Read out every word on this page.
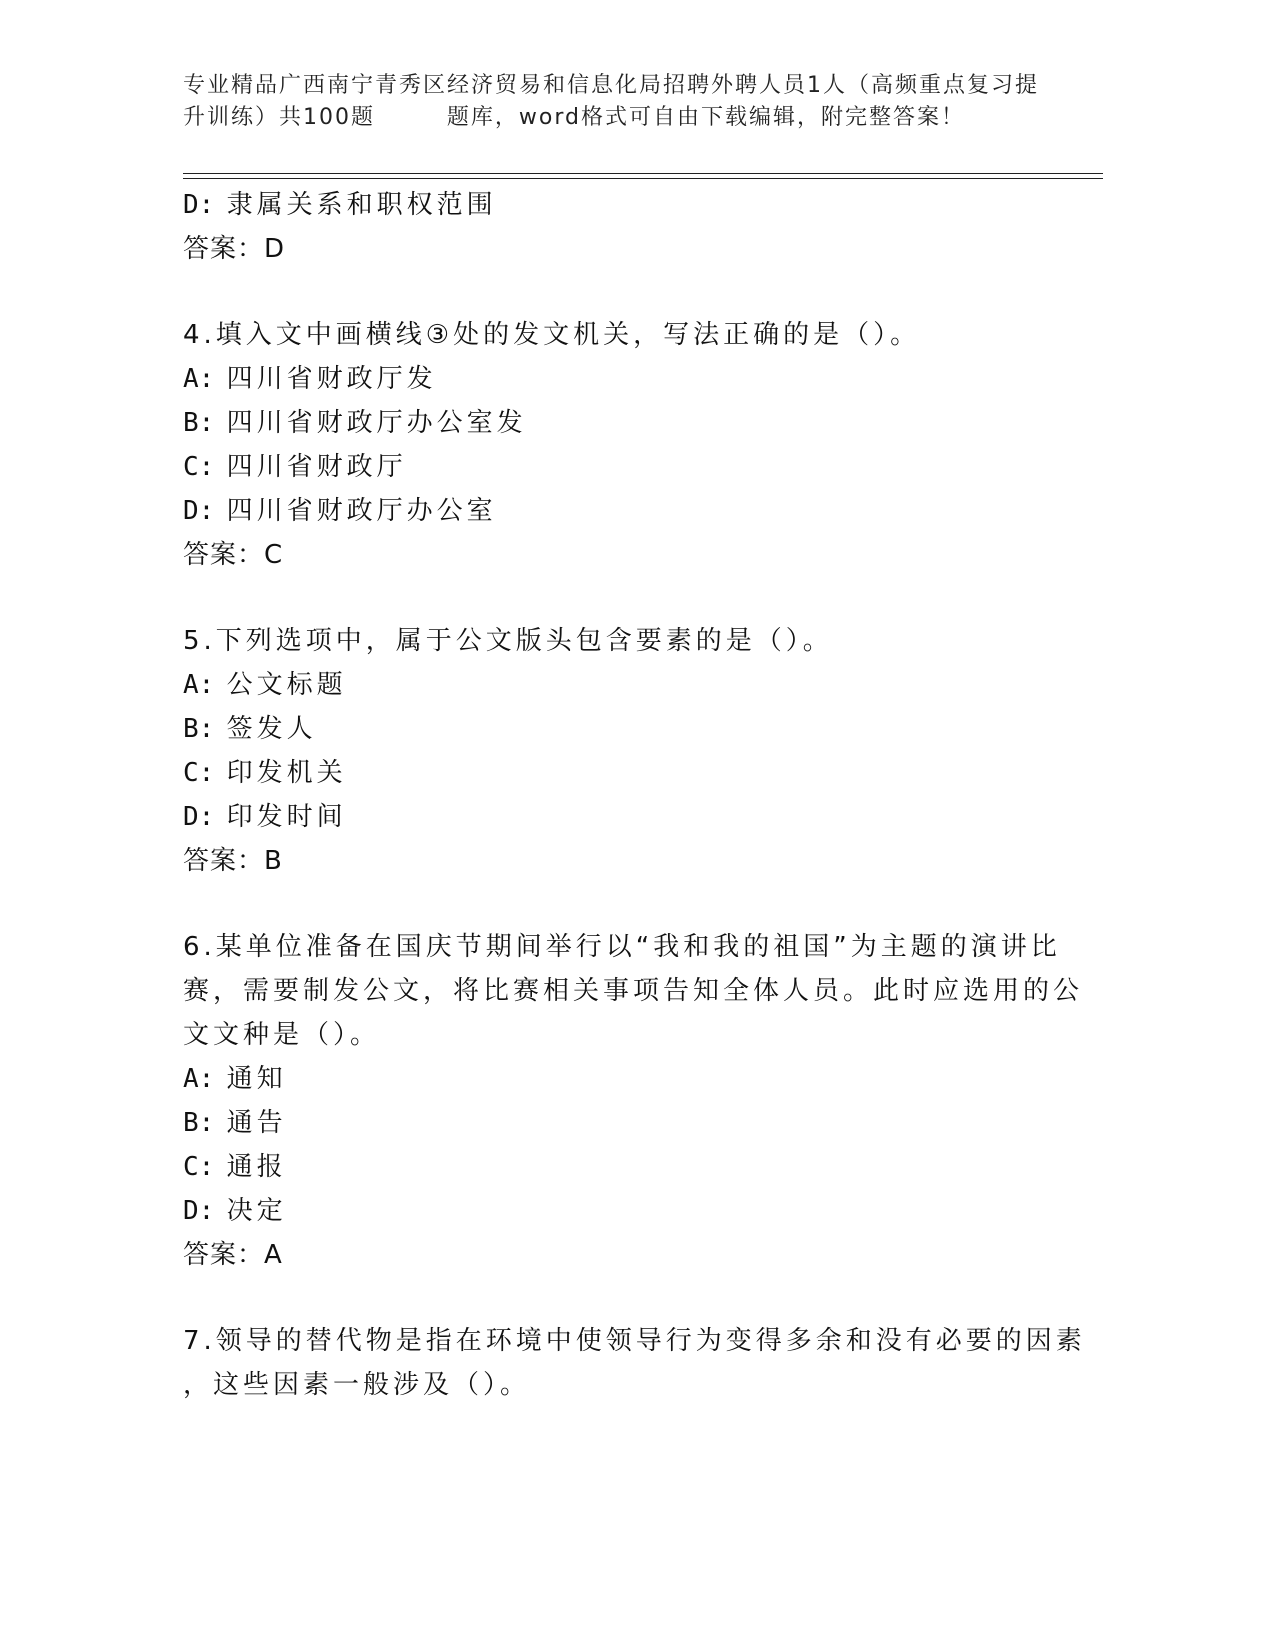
专业精品广西南宁青秀区经济贸易和信息化局招聘外聘人员1人（高频重点复习提
升训练）共100题        题库，word格式可自由下载编辑，附完整答案！
D: 隶属关系和职权范围
答案：D
4.填入文中画横线③处的发文机关，写法正确的是（）。
A: 四川省财政厅发
B: 四川省财政厅办公室发
C: 四川省财政厅
D: 四川省财政厅办公室
答案：C
5.下列选项中，属于公文版头包含要素的是（）。
A: 公文标题
B: 签发人
C: 印发机关
D: 印发时间
答案：B
6.某单位准备在国庆节期间举行以“我和我的祖国”为主题的演讲比
赛，需要制发公文，将比赛相关事项告知全体人员。此时应选用的公
文文种是（）。
A: 通知
B: 通告
C: 通报
D: 决定
答案：A
7.领导的替代物是指在环境中使领导行为变得多余和没有必要的因素
，这些因素一般涉及（）。
